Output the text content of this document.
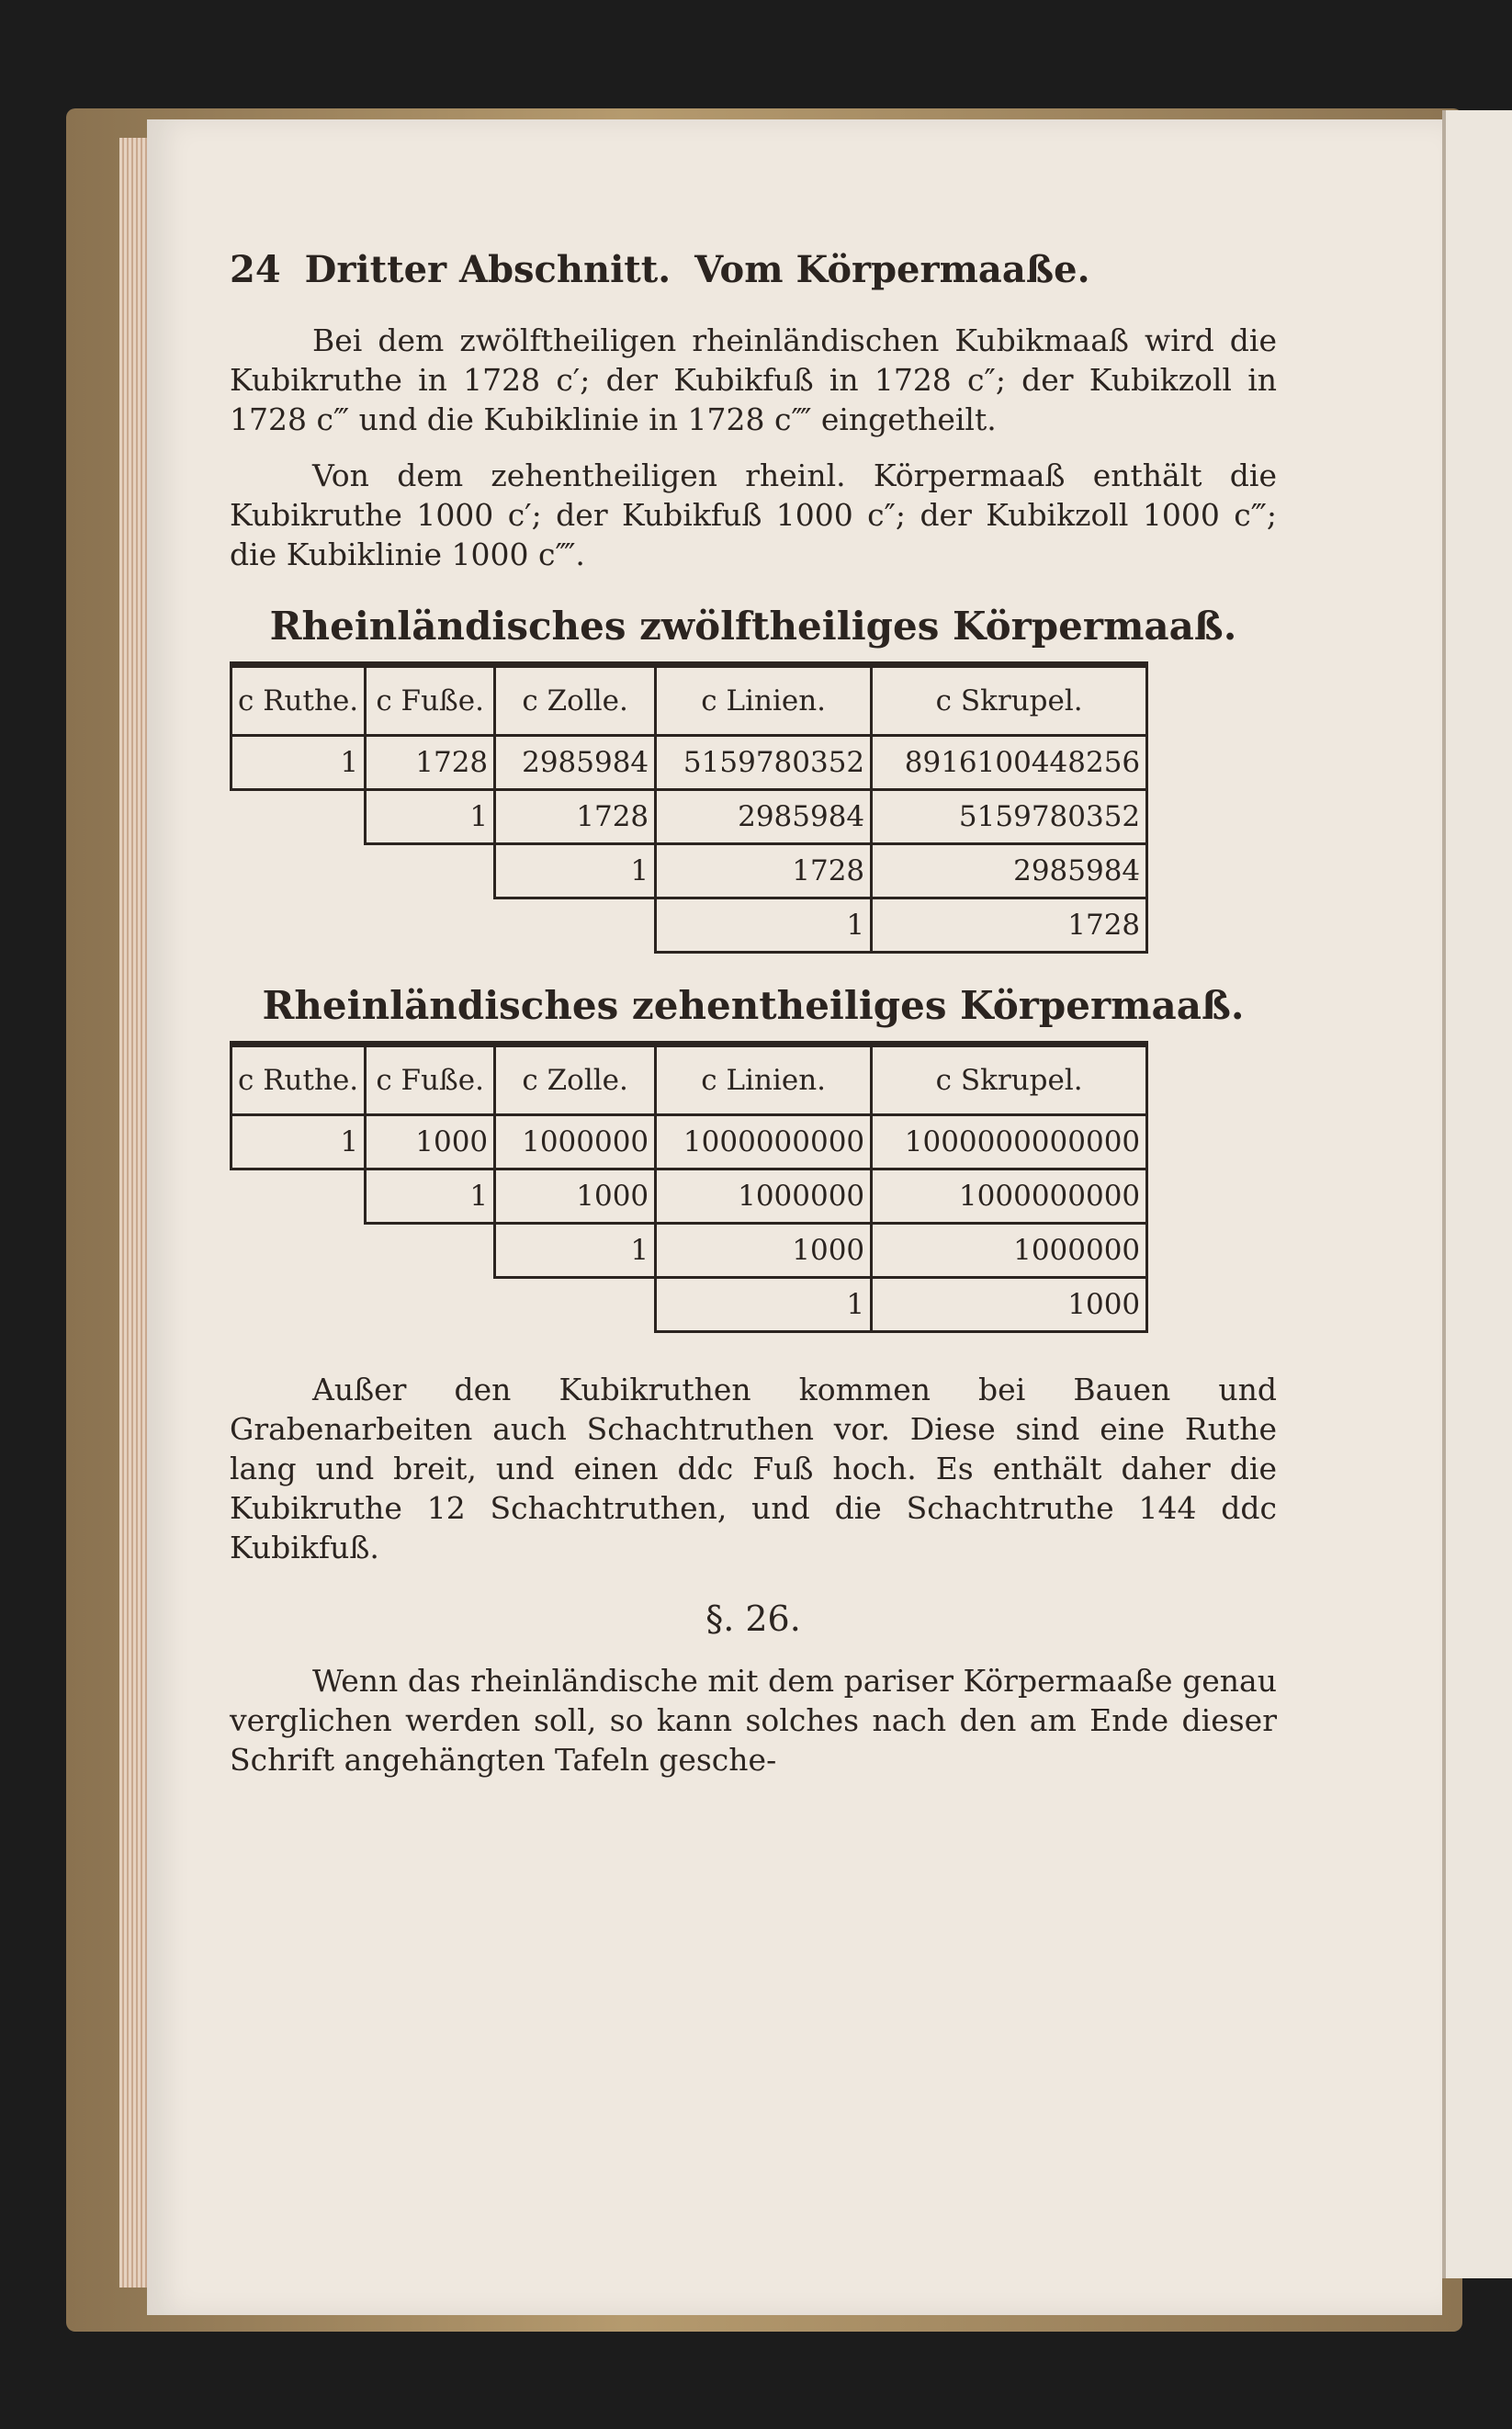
24 Dritter Abschnitt. Vom Körpermaaße.

Bei dem zwölftheiligen rheinländischen Kubikmaaß wird die Kubikruthe in 1728 c′; der Kubikfuß in 1728 c″; der Kubikzoll in 1728 c‴ und die Kubiklinie in 1728 c⁗ eingetheilt.

Von dem zehentheiligen rheinl. Körpermaaß enthält die Kubikruthe 1000 c′; der Kubikfuß 1000 c″; der Kubikzoll 1000 c‴; die Kubiklinie 1000 c⁗.

Rheinländisches zwölftheiliges Körpermaaß.
c Ruthe.	c Fuße.	c Zolle.	c Linien.	c Skrupel.
1	1728	2985984	5159780352	8916100448256
	1	1728	2985984	5159780352
		1	1728	2985984
			1	1728
Rheinländisches zehentheiliges Körpermaaß.
c Ruthe.	c Fuße.	c Zolle.	c Linien.	c Skrupel.
1	1000	1000000	1000000000	1000000000000
	1	1000	1000000	1000000000
		1	1000	1000000
			1	1000

Außer den Kubikruthen kommen bei Bauen und Grabenarbeiten auch Schachtruthen vor. Diese sind eine Ruthe lang und breit, und einen ddc Fuß hoch. Es enthält daher die Kubikruthe 12 Schachtruthen, und die Schachtruthe 144 ddc Kubikfuß.

§. 26.

Wenn das rheinländische mit dem pariser Körpermaaße genau verglichen werden soll, so kann solches nach den am Ende dieser Schrift angehängten Tafeln gesche-
